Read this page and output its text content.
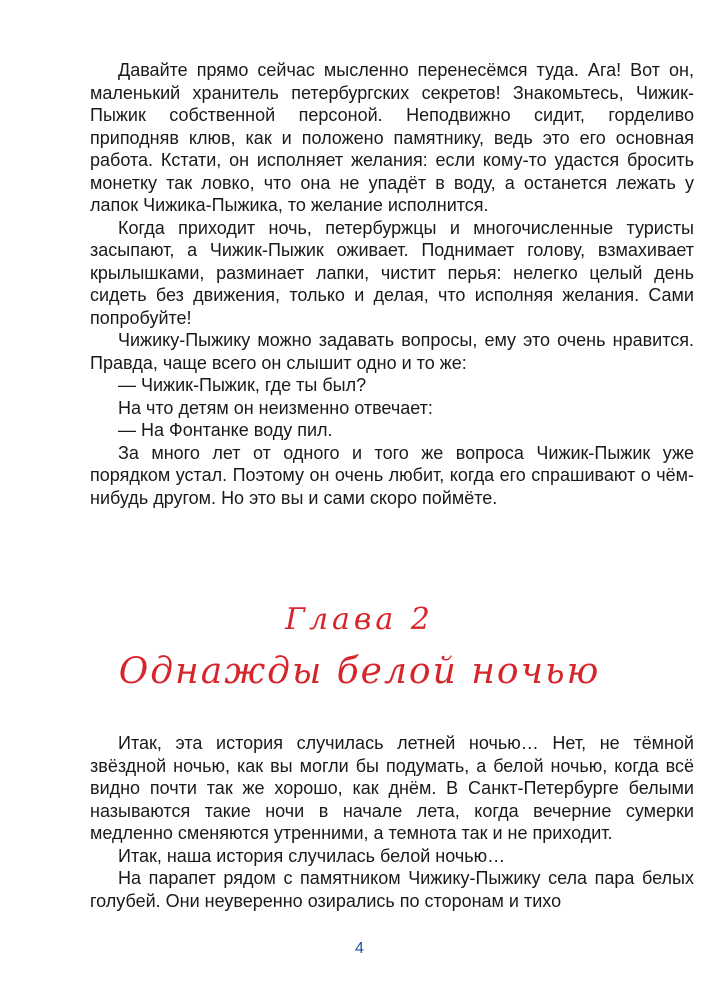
Давайте прямо сейчас мысленно перенесёмся туда. Ага! Вот он, маленький хранитель петербургских секретов! Знакомьтесь, Чижик-Пыжик собственной персоной. Неподвижно сидит, горделиво приподняв клюв, как и положено памятнику, ведь это его основная работа. Кстати, он исполняет желания: если кому-то удастся бросить монетку так ловко, что она не упадёт в воду, а останется лежать у лапок Чижика-Пыжика, то желание исполнится.

Когда приходит ночь, петербуржцы и многочисленные туристы засыпают, а Чижик-Пыжик оживает. Поднимает голову, взмахивает крылышками, разминает лапки, чистит перья: нелегко целый день сидеть без движения, только и делая, что исполняя желания. Сами попробуйте!

Чижику-Пыжику можно задавать вопросы, ему это очень нравится. Правда, чаще всего он слышит одно и то же:

— Чижик-Пыжик, где ты был?

На что детям он неизменно отвечает:

— На Фонтанке воду пил.

За много лет от одного и того же вопроса Чижик-Пыжик уже порядком устал. Поэтому он очень любит, когда его спрашивают о чём-нибудь другом. Но это вы и сами скоро поймёте.

Глава 2
Однажды белой ночью

Итак, эта история случилась летней ночью… Нет, не тёмной звёздной ночью, как вы могли бы подумать, а белой ночью, когда всё видно почти так же хорошо, как днём. В Санкт-Петербурге белыми называются такие ночи в начале лета, когда вечерние сумерки медленно сменяются утренними, а темнота так и не приходит.

Итак, наша история случилась белой ночью…

На парапет рядом с памятником Чижику-Пыжику села пара белых голубей. Они неуверенно озирались по сторонам и тихо

4
